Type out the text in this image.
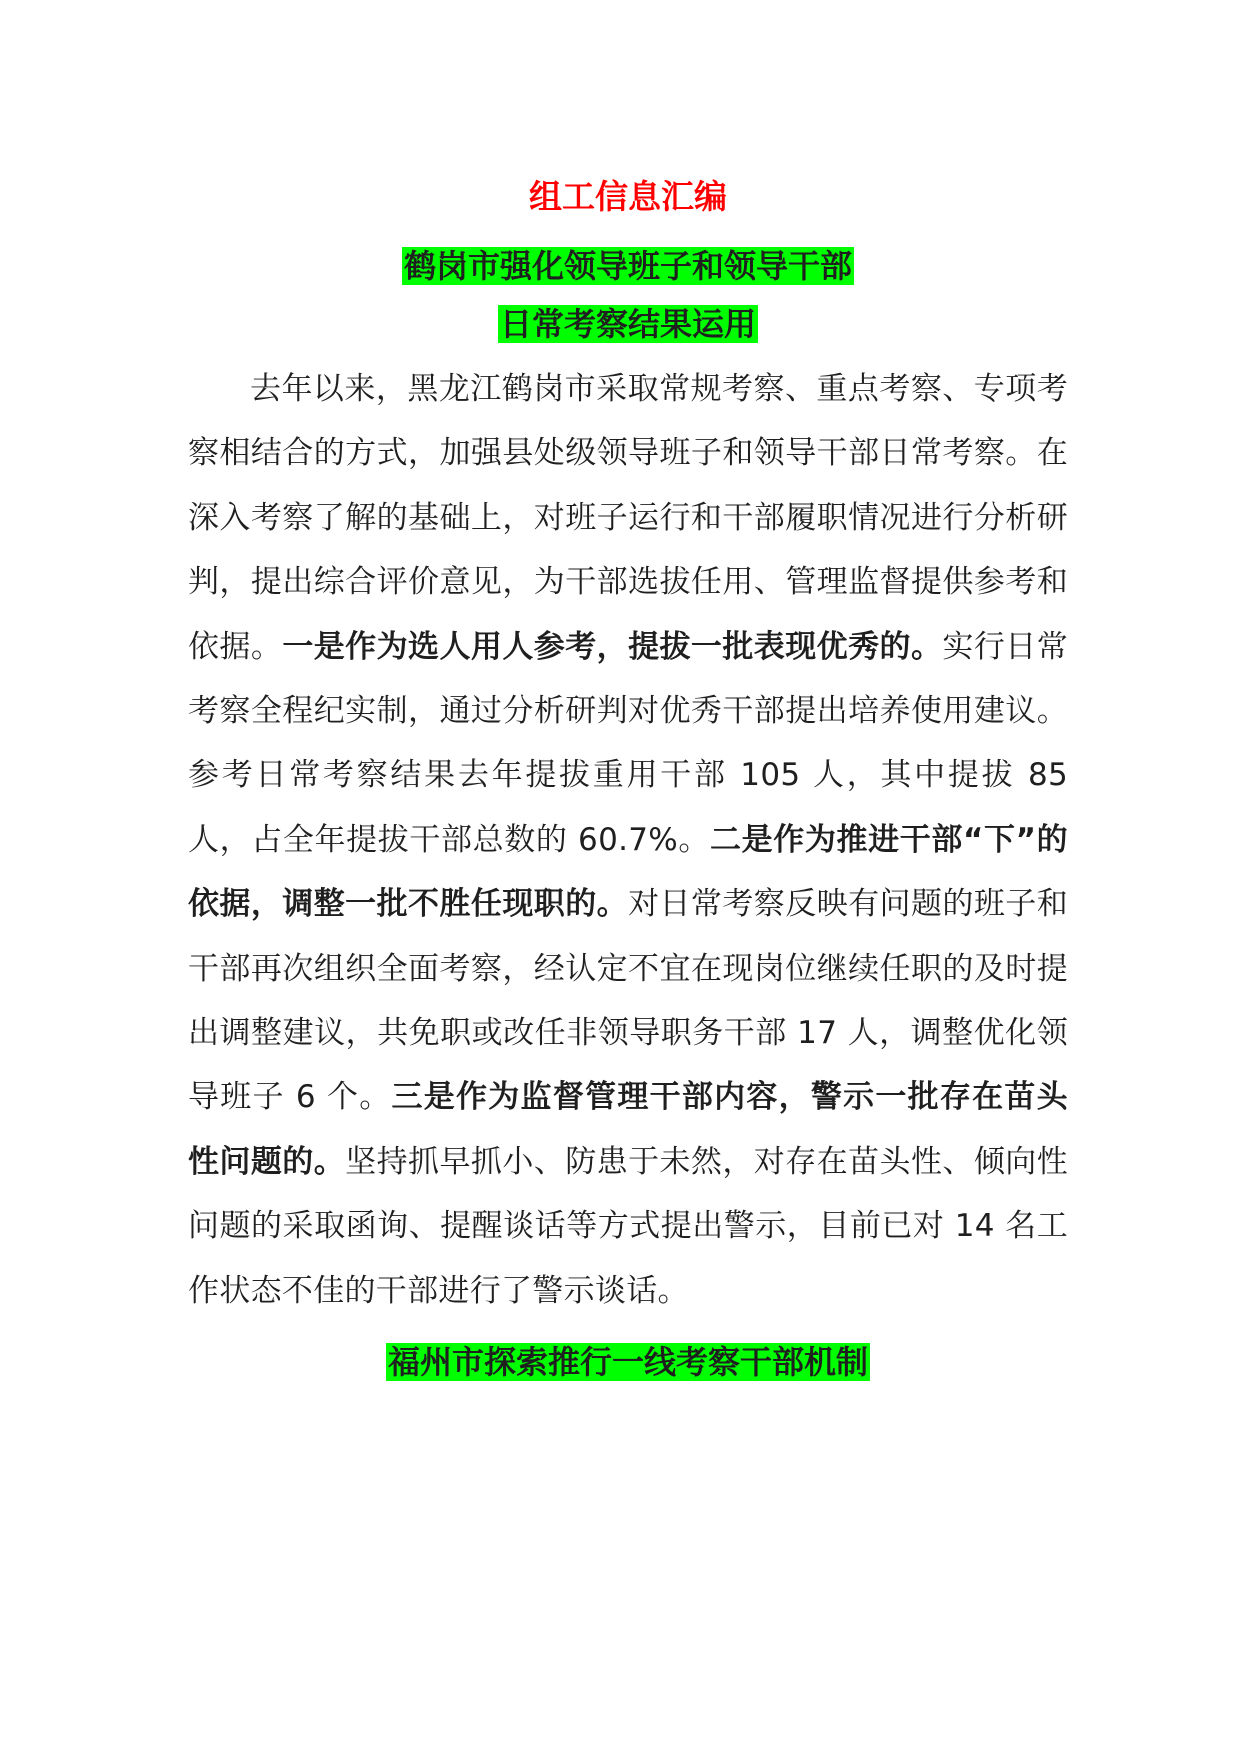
组工信息汇编
鹤岗市强化领导班子和领导干部
日常考察结果运用

去年以来，黑龙江鹤岗市采取常规考察、重点考察、专项考察相结合的方式，加强县处级领导班子和领导干部日常考察。在深入考察了解的基础上，对班子运行和干部履职情况进行分析研判，提出综合评价意见，为干部选拔任用、管理监督提供参考和依据。一是作为选人用人参考，提拔一批表现优秀的。实行日常考察全程纪实制，通过分析研判对优秀干部提出培养使用建议。参考日常考察结果去年提拔重用干部 105 人，其中提拔 85 人，占全年提拔干部总数的 60.7%。二是作为推进干部“下”的依据，调整一批不胜任现职的。对日常考察反映有问题的班子和干部再次组织全面考察，经认定不宜在现岗位继续任职的及时提出调整建议，共免职或改任非领导职务干部 17 人，调整优化领导班子 6 个。三是作为监督管理干部内容，警示一批存在苗头性问题的。坚持抓早抓小、防患于未然，对存在苗头性、倾向性问题的采取函询、提醒谈话等方式提出警示，目前已对 14 名工作状态不佳的干部进行了警示谈话。

福州市探索推行一线考察干部机制
